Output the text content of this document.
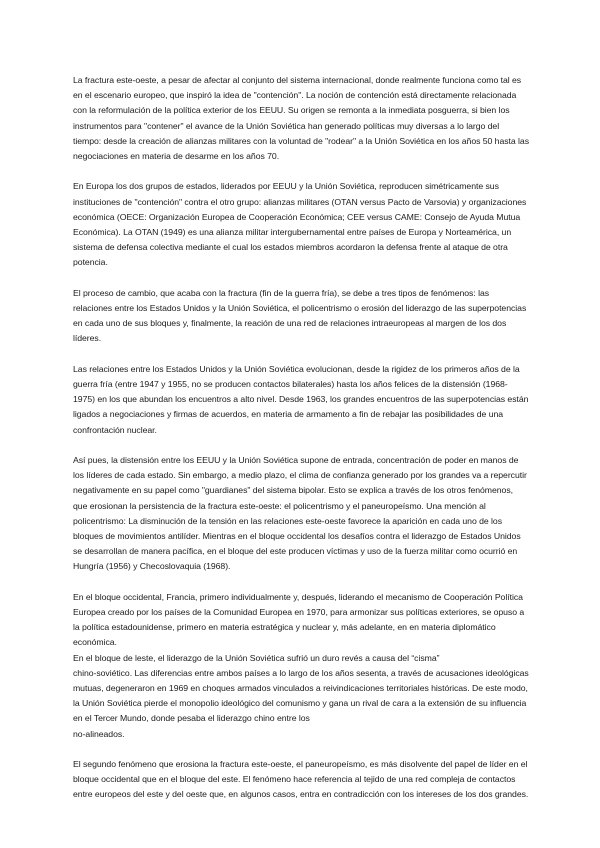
La fractura este-oeste, a pesar de afectar al conjunto del sistema internacional, donde realmente funciona como tal es en el escenario europeo, que inspiró la idea de "contención". La noción de contención está directamente relacionada con la reformulación de la política exterior de los EEUU. Su origen se remonta a la inmediata posguerra, si bien los instrumentos para "contener" el avance de la Unión Soviética han generado políticas muy diversas a lo largo del tiempo: desde la creación de alianzas militares con la voluntad de "rodear" a la Unión Soviética en los años 50 hasta las negociaciones en materia de desarme en los años 70.

En Europa los dos grupos de estados, liderados por EEUU y la Unión Soviética, reproducen simétricamente sus instituciones de "contención" contra el otro grupo: alianzas militares (OTAN versus Pacto de Varsovia) y organizaciones económica (OECE: Organización Europea de Cooperación Económica; CEE versus CAME: Consejo de Ayuda Mutua Económica). La OTAN (1949) es una alianza militar intergubernamental entre países de Europa y Norteamérica, un sistema de defensa colectiva mediante el cual los estados miembros acordaron la defensa frente al ataque de otra potencia.

El proceso de cambio, que acaba con la fractura (fin de la guerra fría), se debe a tres tipos de fenómenos: las relaciones entre los Estados Unidos y la Unión Soviética, el policentrismo o erosión del liderazgo de las superpotencias en cada uno de sus bloques y, finalmente, la reación de una red de relaciones intraeuropeas al margen de los dos líderes.

Las relaciones entre los Estados Unidos y la Unión Soviética evolucionan, desde la rigidez de los primeros años de la guerra fría (entre 1947 y 1955, no se producen contactos bilaterales) hasta los años felices de la distensión (1968-1975) en los que abundan los encuentros a alto nivel. Desde 1963, los grandes encuentros de las superpotencias están ligados a negociaciones y firmas de acuerdos, en materia de armamento a fin de rebajar las posibilidades de una confrontación nuclear.

Así pues, la distensión entre los EEUU y la Unión Soviética supone de entrada, concentración de poder en manos de los líderes de cada estado. Sin embargo, a medio plazo, el clima de confianza generado por los grandes va a repercutir negativamente en su papel como "guardianes" del sistema bipolar. Esto se explica a través de los otros fenómenos, que erosionan la persistencia de la fractura este-oeste: el policentrismo y el paneuropeísmo. Una mención al policentrismo: La disminución de la tensión en las relaciones este-oeste favorece la aparición en cada uno de los bloques de movimientos antilíder. Mientras en el bloque occidental los desafíos contra el liderazgo de Estados Unidos se desarrollan de manera pacífica, en el bloque del este producen víctimas y uso de la fuerza militar como ocurrió en Hungría (1956) y Checoslovaquia (1968).

En el bloque occidental, Francia, primero individualmente y, después, liderando el mecanismo de Cooperación Política Europea creado por los países de la Comunidad Europea en 1970, para armonizar sus políticas exteriores, se opuso a la política estadounidense, primero en materia estratégica y nuclear y, más adelante, en en materia diplomático económica.

En el bloque de leste, el liderazgo de la Unión Soviética sufrió un duro revés a causa del “cisma”
chino-soviético. Las diferencias entre ambos países a lo largo de los años sesenta, a través de acusaciones ideológicas mutuas, degeneraron en 1969 en choques armados vinculados a reivindicaciones territoriales históricas. De este modo, la Unión Soviética pierde el monopolio ideológico del comunismo y gana un rival de cara a la extensión de su influencia en el Tercer Mundo, donde pesaba el liderazgo chino entre los
no-alineados.

El segundo fenómeno que erosiona la fractura este-oeste, el paneuropeísmo, es más disolvente del papel de líder en el bloque occidental que en el bloque del este. El fenómeno hace referencia al tejido de una red compleja de contactos entre europeos del este y del oeste que, en algunos casos, entra en contradicción con los intereses de los dos grandes.
